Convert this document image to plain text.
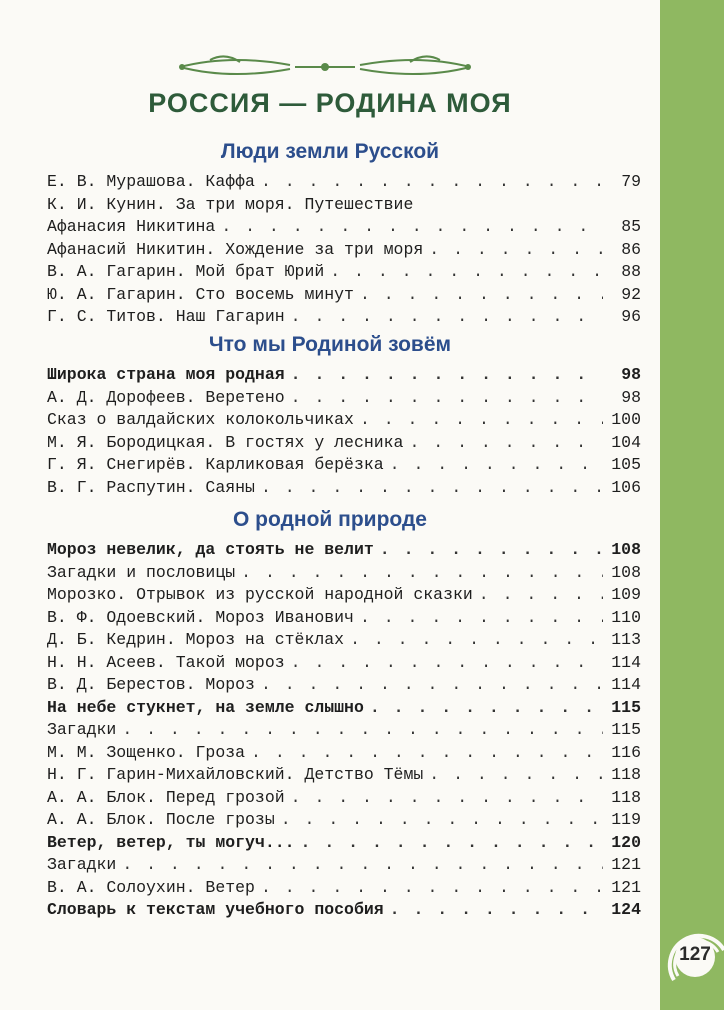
РОССИЯ — РОДИНА МОЯ
Люди земли Русской
Е. В. Мурашова. Каффа . . .	79
К. И. Кунин. За три моря. Путешествие
Афанасия Никитина . . .	85
Афанасий Никитин. Хождение за три моря . . .	86
В. А. Гагарин. Мой брат Юрий . . .	88
Ю. А. Гагарин. Сто восемь минут . . .	92
Г. С. Титов. Наш Гагарин . . .	96
Что мы Родиной зовём
Широка страна моя родная . . .	98
А. Д. Дорофеев. Веретено . . .	98
Сказ о валдайских колокольчиках . . .	100
М. Я. Бородицкая. В гостях у лесника . . .	104
Г. Я. Снегирёв. Карликовая берёзка . . .	105
В. Г. Распутин. Саяны . . .	106
О родной природе
Мороз невелик, да стоять не велит . . .	108
Загадки и пословицы . . .	108
Морозко. Отрывок из русской народной сказки . . .	109
В. Ф. Одоевский. Мороз Иванович . . .	110
Д. Б. Кедрин. Мороз на стёклах . . .	113
Н. Н. Асеев. Такой мороз . . .	114
В. Д. Берестов. Мороз . . .	114
На небе стукнет, на земле слышно . . .	115
Загадки . . .	115
М. М. Зощенко. Гроза . . .	116
Н. Г. Гарин-Михайловский. Детство Тёмы . . .	118
А. А. Блок. Перед грозой . . .	118
А. А. Блок. После грозы . . .	119
Ветер, ветер, ты могуч... . . .	120
Загадки . . .	121
В. А. Солоухин. Ветер . . .	121
Словарь к текстам учебного пособия . . .	124
127
